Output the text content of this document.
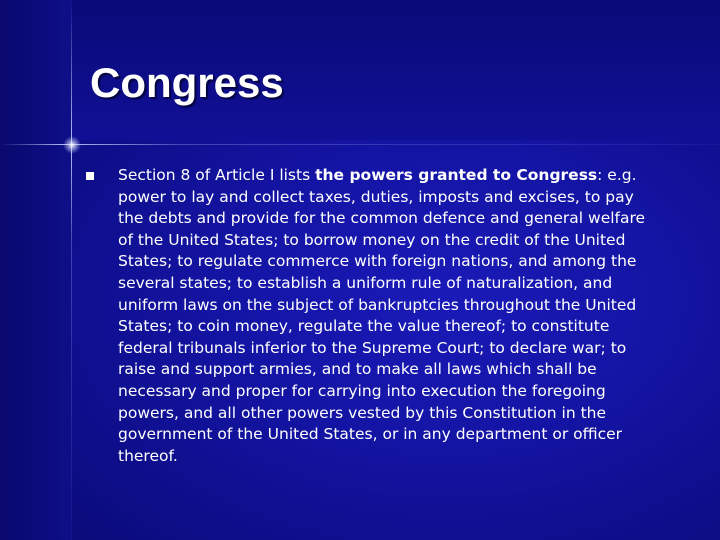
Congress

Section 8 of Article I lists the powers granted to Congress: e.g. power to lay and collect taxes, duties, imposts and excises, to pay the debts and provide for the common defence and general welfare of the United States; to borrow money on the credit of the United States; to regulate commerce with foreign nations, and among the several states; to establish a uniform rule of naturalization, and uniform laws on the subject of bankruptcies throughout the United States; to coin money, regulate the value thereof; to constitute federal tribunals inferior to the Supreme Court; to declare war; to raise and support armies, and to make all laws which shall be necessary and proper for carrying into execution the foregoing powers, and all other powers vested by this Constitution in the government of the United States, or in any department or officer thereof.
